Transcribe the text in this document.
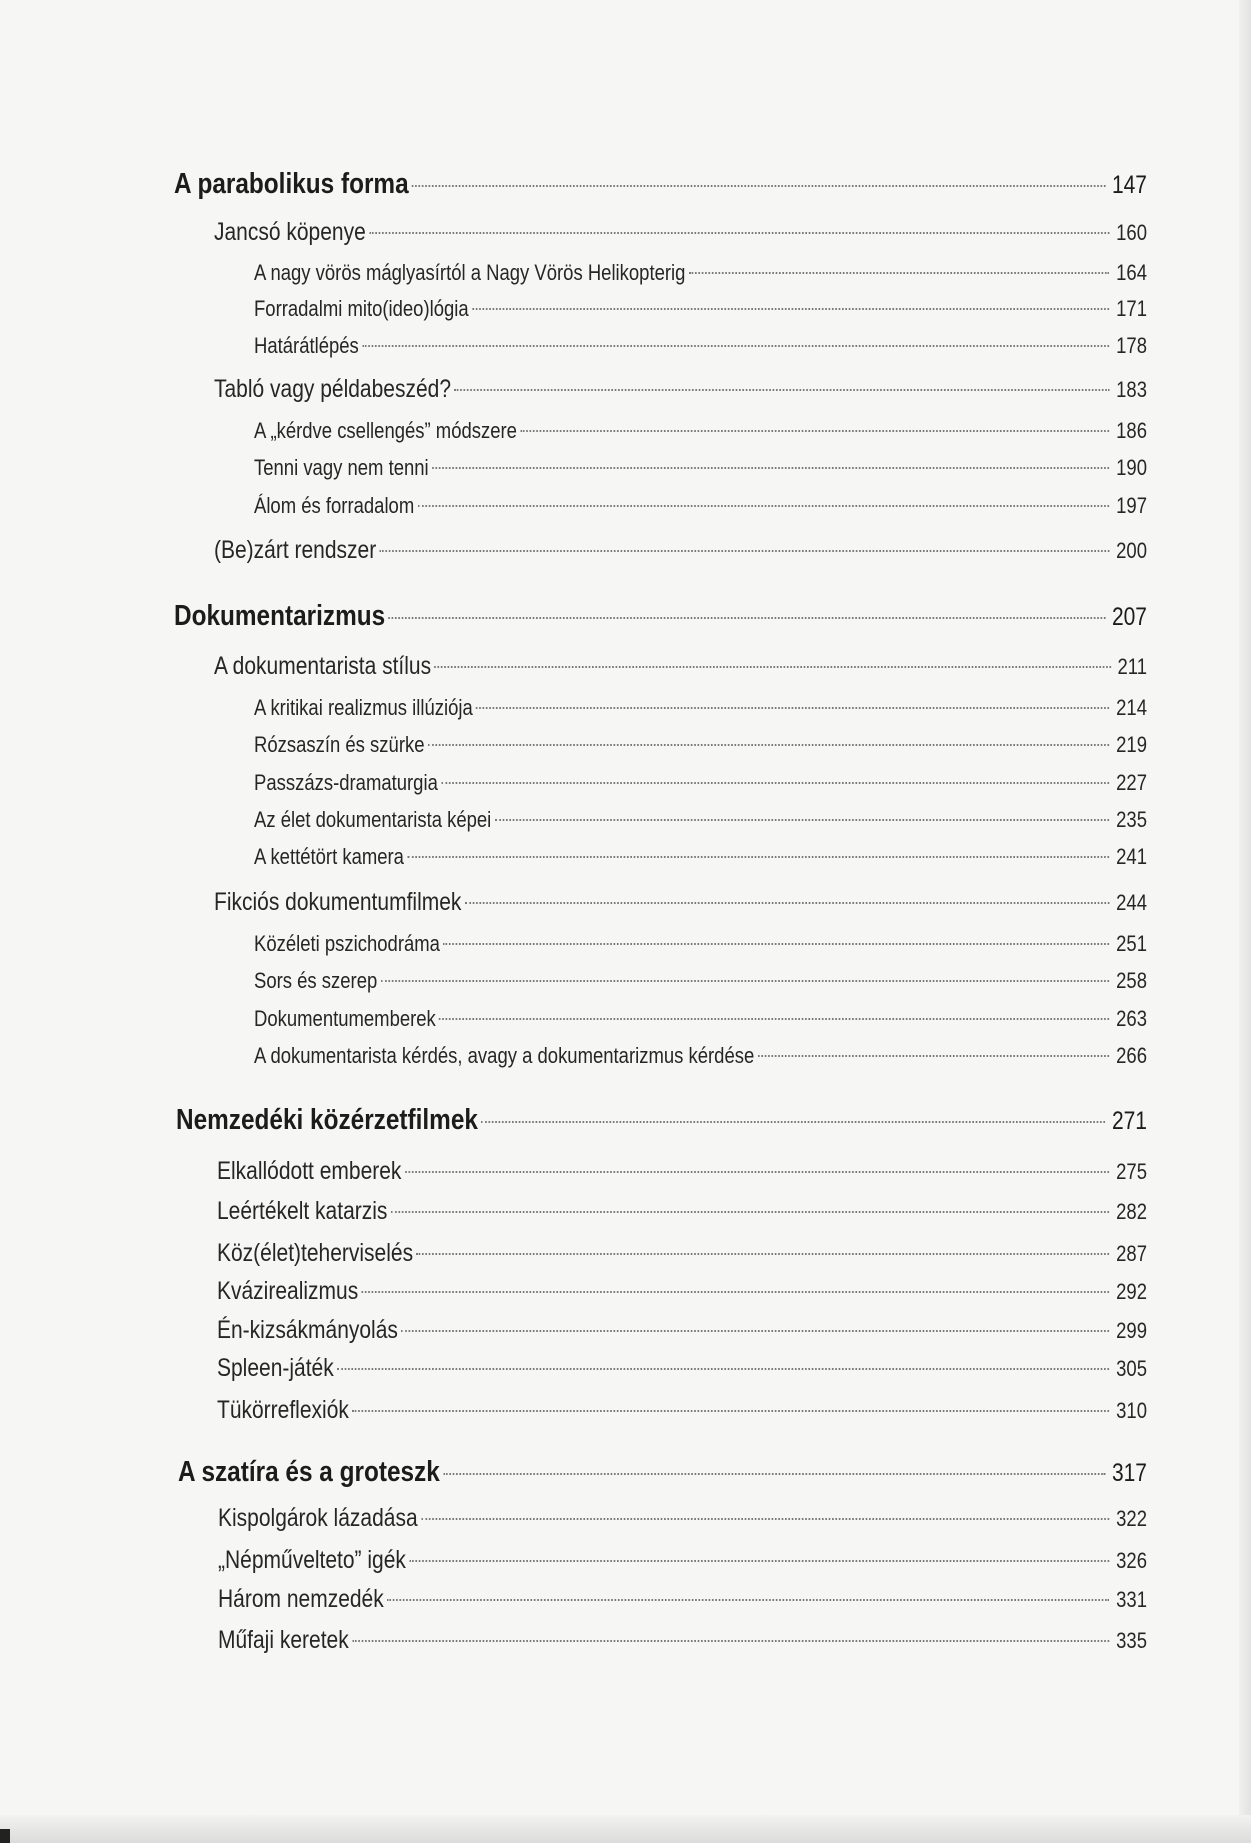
A parabolikus forma	147
Jancsó köpenye	160
A nagy vörös máglyasírtól a Nagy Vörös Helikopterig	164
Forradalmi mito(ideo)lógia	171
Határátlépés	178
Tabló vagy példabeszéd?	183
A „kérdve csellengés” módszere	186
Tenni vagy nem tenni	190
Álom és forradalom	197
(Be)zárt rendszer	200
Dokumentarizmus	207
A dokumentarista stílus	211
A kritikai realizmus illúziója	214
Rózsaszín és szürke	219
Passzázs-dramaturgia	227
Az élet dokumentarista képei	235
A kettétört kamera	241
Fikciós dokumentumfilmek	244
Közéleti pszichodráma	251
Sors és szerep	258
Dokumentumemberek	263
A dokumentarista kérdés, avagy a dokumentarizmus kérdése	266
Nemzedéki közérzetfilmek	271
Elkallódott emberek	275
Leértékelt katarzis	282
Köz(élet)teherviselés	287
Kvázirealizmus	292
Én-kizsákmányolás	299
Spleen-játék	305
Tükörreflexiók	310
A szatíra és a groteszk	317
Kispolgárok lázadása	322
„Népművelteto” igék	326
Három nemzedék	331
Műfaji keretek	335
